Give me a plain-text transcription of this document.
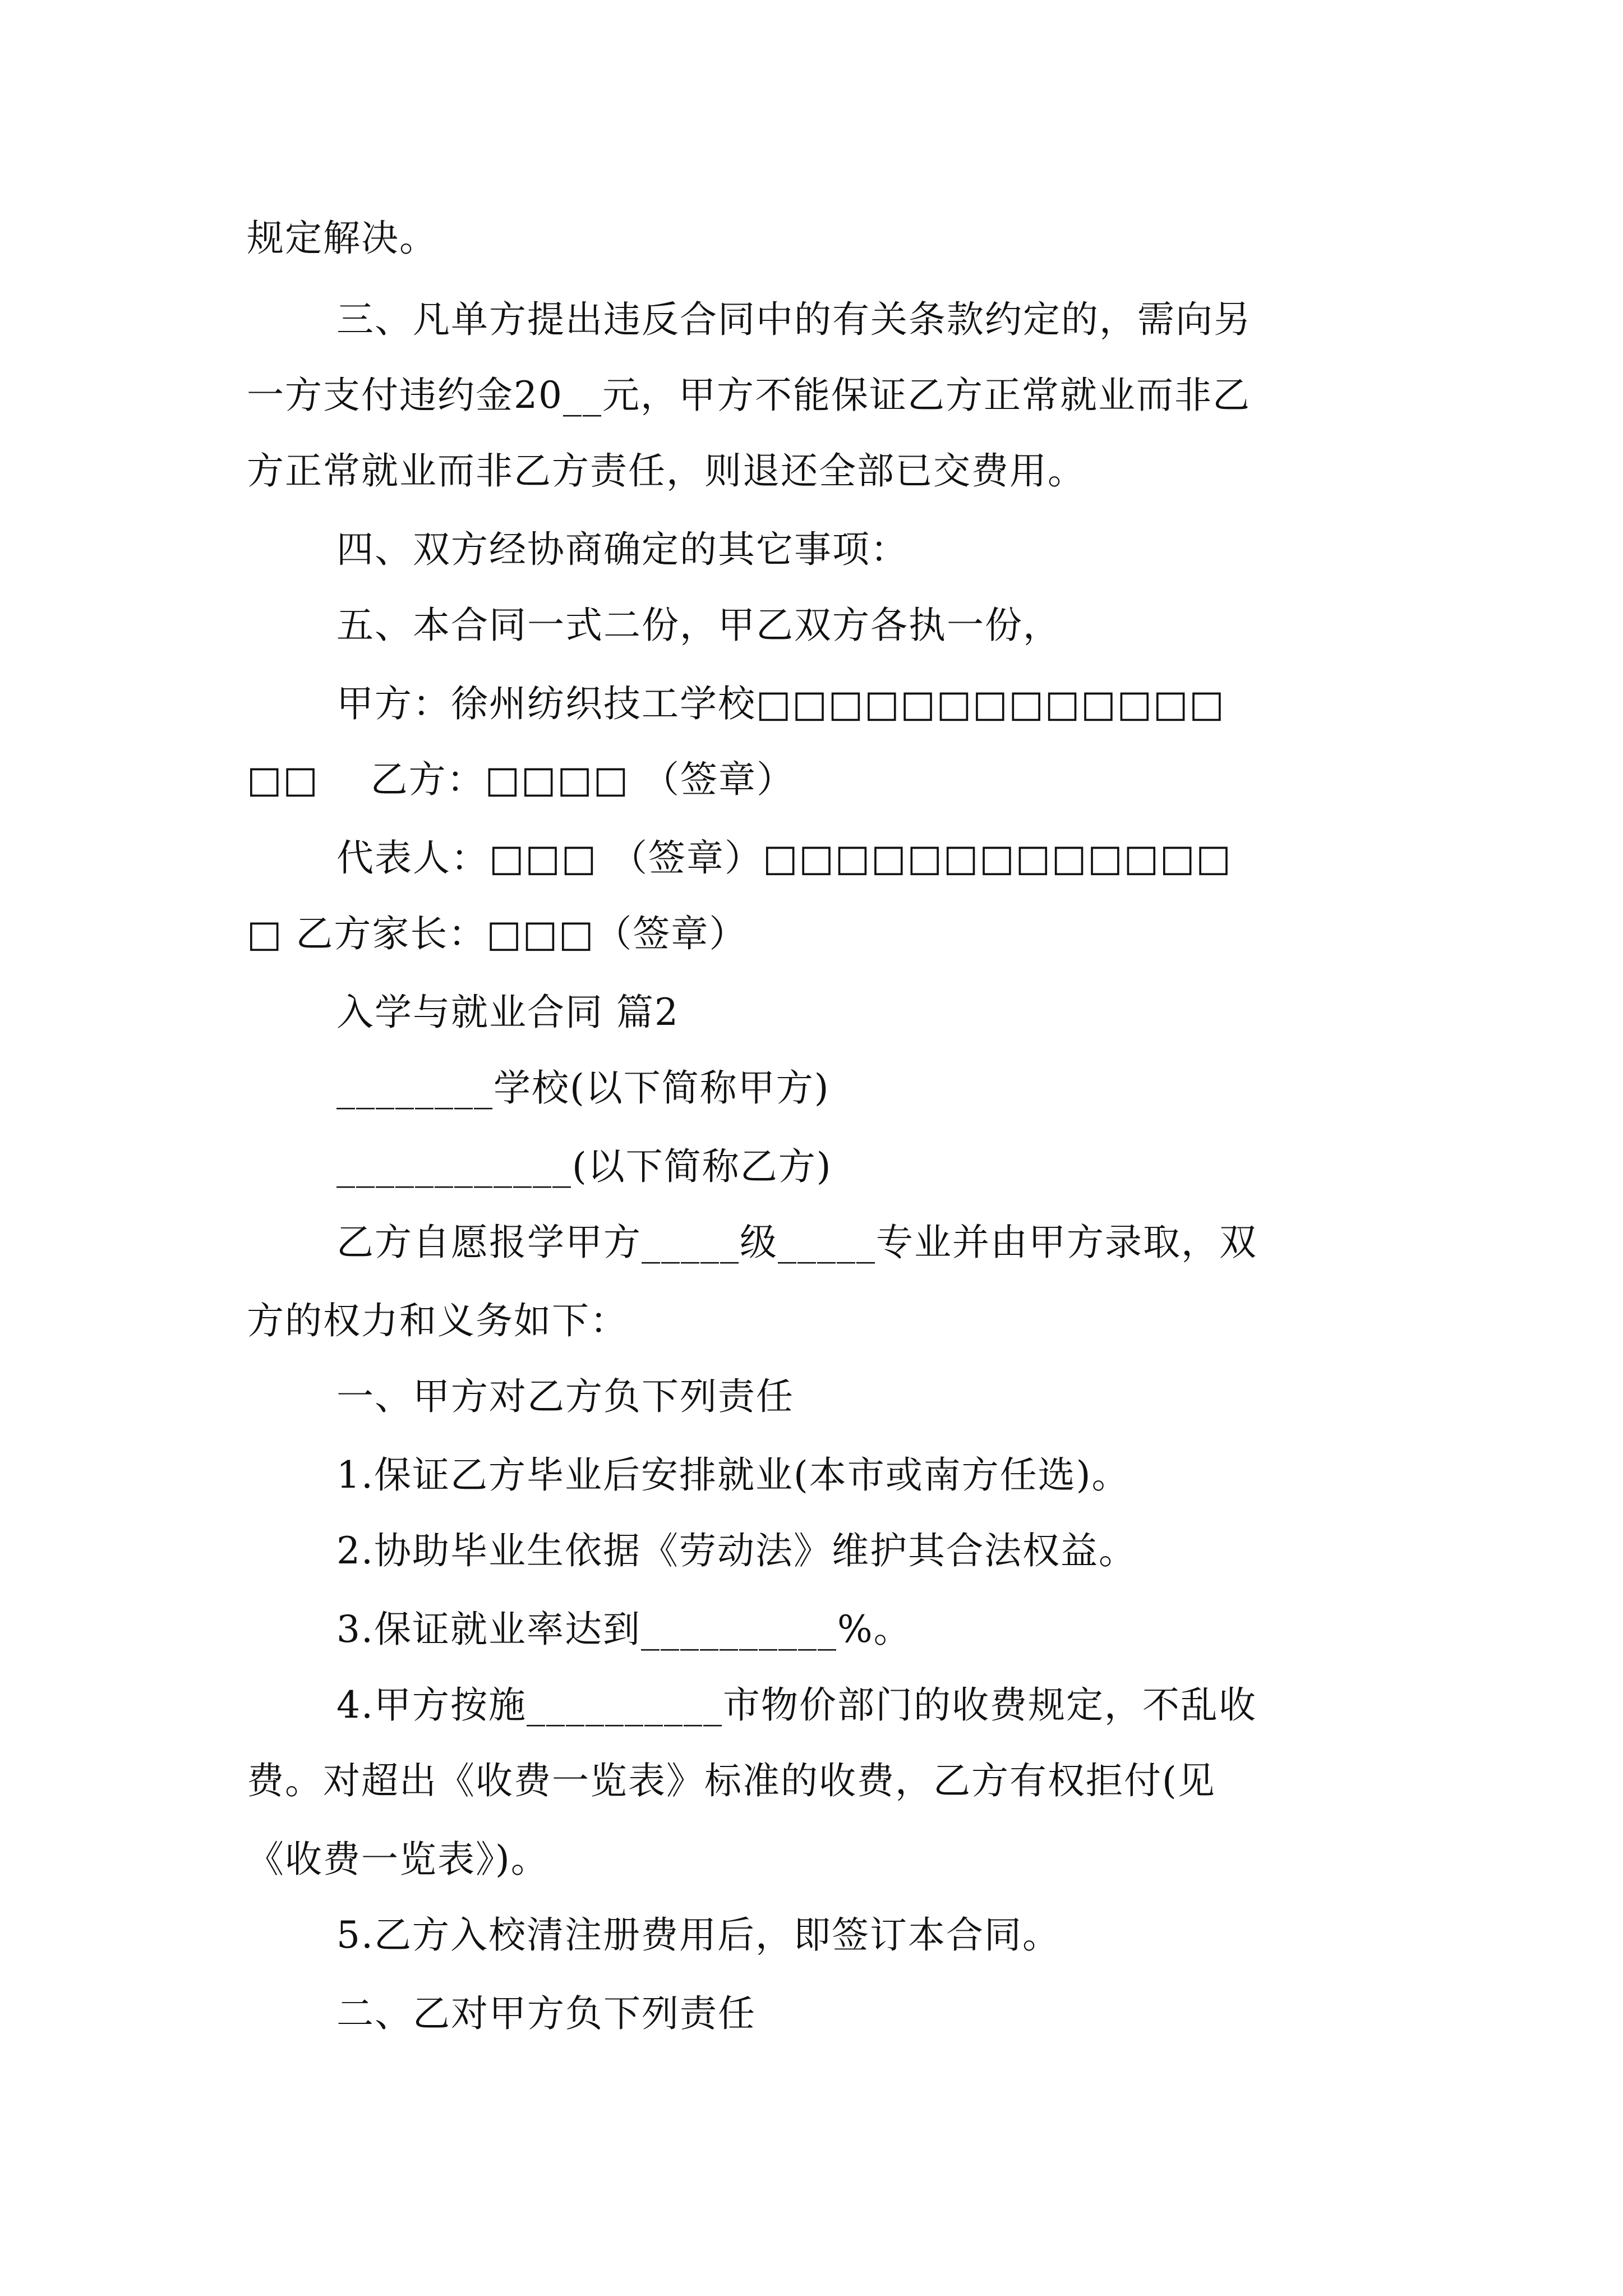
规定解决。
三、凡单方提出违反合同中的有关条款约定的，需向另
一方支付违约金20__元，甲方不能保证乙方正常就业而非乙
方正常就业而非乙方责任，则退还全部已交费用。
四、双方经协商确定的其它事项：
五、本合同一式二份，甲乙双方各执一份，
甲方：徐州纺织技工学校□□□□□□□□□□□□□
□□    乙方：□□□□ （签章）
代表人：□□□ （签章）□□□□□□□□□□□□□
□ 乙方家长：□□□（签章）
入学与就业合同 篇2
________学校(以下简称甲方)
____________(以下简称乙方)
乙方自愿报学甲方_____级_____专业并由甲方录取，双
方的权力和义务如下：
一、甲方对乙方负下列责任
1.保证乙方毕业后安排就业(本市或南方任选)。
2.协助毕业生依据《劳动法》维护其合法权益。
3.保证就业率达到__________%。
4.甲方按施__________市物价部门的收费规定，不乱收
费。对超出《收费一览表》标准的收费，乙方有权拒付(见
《收费一览表》)。
5.乙方入校清注册费用后，即签订本合同。
二、乙对甲方负下列责任
